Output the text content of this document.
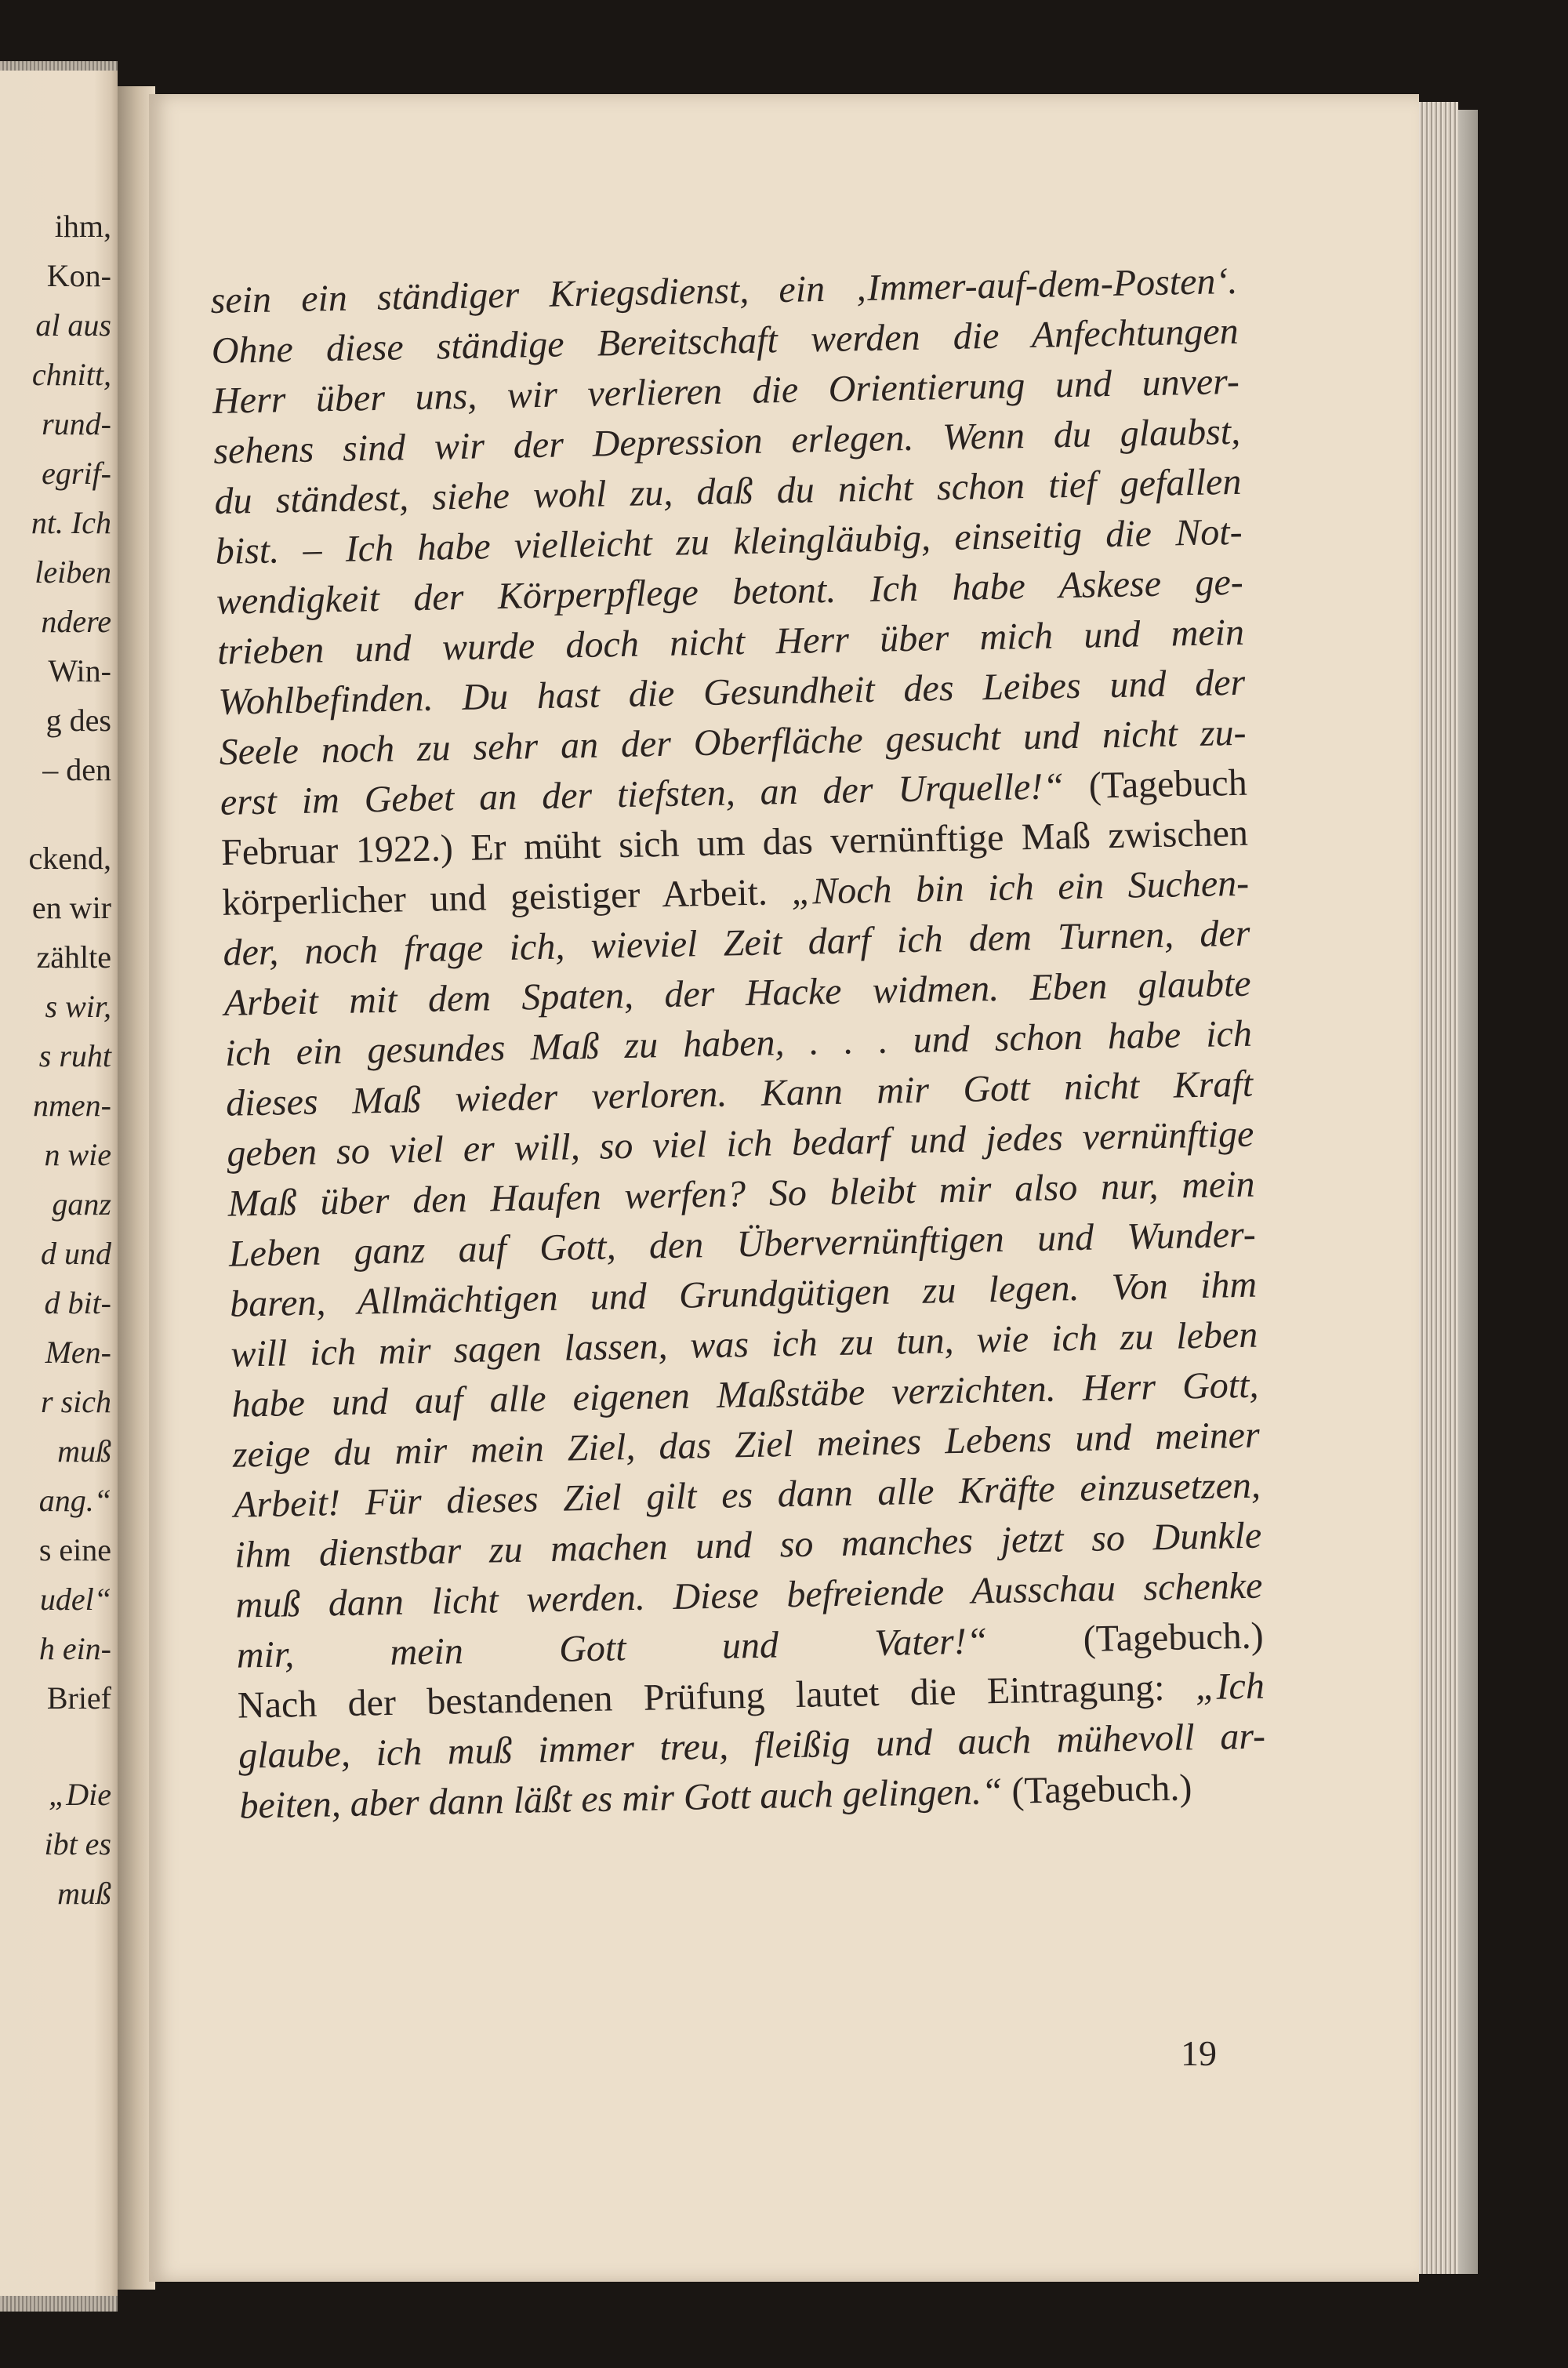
ihm,

Kon-

al aus

chnitt,

rund-

egrif-

nt. Ich

leiben

ndere

Win-

g des

– den

ckend,

en wir

zählte

s wir,

s ruht

nmen-

n wie

ganz

d und

d bit-

Men-

r sich

muß

ang.“

s eine

udel“

h ein-

Brief

„Die

ibt es

muß

sein ein ständiger Kriegsdienst, ein ‚Immer-auf-dem-Posten‘.
Ohne diese ständige Bereitschaft werden die Anfechtungen
Herr über uns, wir verlieren die Orientierung und unver-
sehens sind wir der Depression erlegen. Wenn du glaubst,
du ständest, siehe wohl zu, daß du nicht schon tief gefallen
bist. – Ich habe vielleicht zu kleingläubig, einseitig die Not-
wendigkeit der Körperpflege betont. Ich habe Askese ge-
trieben und wurde doch nicht Herr über mich und mein
Wohlbefinden. Du hast die Gesundheit des Leibes und der
Seele noch zu sehr an der Oberfläche gesucht und nicht zu-
erst im Gebet an der tiefsten, an der Urquelle!“ (Tagebuch
Februar 1922.) Er müht sich um das vernünftige Maß zwischen
körperlicher und geistiger Arbeit. „Noch bin ich ein Suchen-
der, noch frage ich, wieviel Zeit darf ich dem Turnen, der
Arbeit mit dem Spaten, der Hacke widmen. Eben glaubte
ich ein gesundes Maß zu haben, . . . und schon habe ich
dieses Maß wieder verloren. Kann mir Gott nicht Kraft
geben so viel er will, so viel ich bedarf und jedes vernünftige
Maß über den Haufen werfen? So bleibt mir also nur, mein
Leben ganz auf Gott, den Übervernünftigen und Wunder-
baren, Allmächtigen und Grundgütigen zu legen. Von ihm
will ich mir sagen lassen, was ich zu tun, wie ich zu leben
habe und auf alle eigenen Maßstäbe verzichten. Herr Gott,
zeige du mir mein Ziel, das Ziel meines Lebens und meiner
Arbeit! Für dieses Ziel gilt es dann alle Kräfte einzusetzen,
ihm dienstbar zu machen und so manches jetzt so Dunkle
muß dann licht werden. Diese befreiende Ausschau schenke
mir, mein Gott und Vater!“ (Tagebuch.)
Nach der bestandenen Prüfung lautet die Eintragung: „Ich
glaube, ich muß immer treu, fleißig und auch mühevoll ar-
beiten, aber dann läßt es mir Gott auch gelingen.“ (Tagebuch.)

19
